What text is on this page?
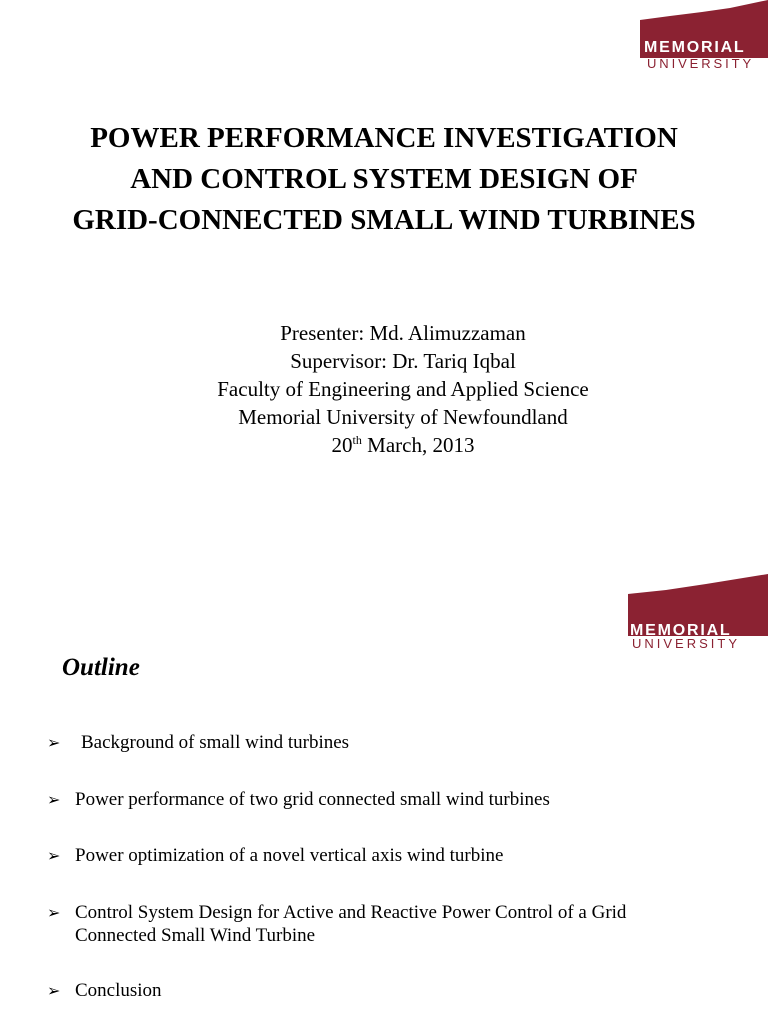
MEMORIAL
UNIVERSITY
POWER PERFORMANCE INVESTIGATION
AND CONTROL SYSTEM DESIGN OF
GRID-CONNECTED SMALL WIND TURBINES
Presenter: Md. Alimuzzaman
Supervisor: Dr. Tariq Iqbal
Faculty of Engineering and Applied Science
Memorial University of Newfoundland
20th March, 2013
MEMORIAL
UNIVERSITY
Outline
➢ Background of small wind turbines
➢ Power performance of two grid connected small wind turbines
➢ Power optimization of a novel vertical axis wind turbine
➢ Control System Design for Active and Reactive Power Control of a Grid Connected Small Wind Turbine
➢ Conclusion
